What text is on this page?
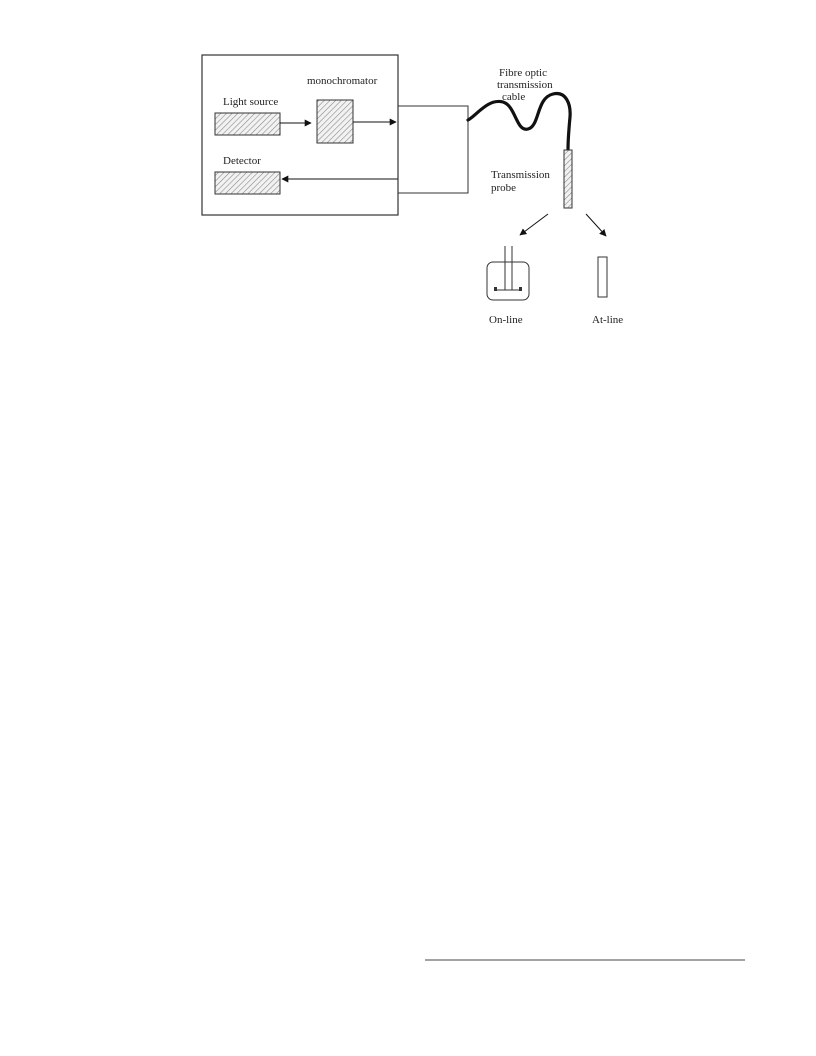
Light source
monochromator
Detector
Fibre optic
transmission
cable
Transmission
probe
On-line	At-line
